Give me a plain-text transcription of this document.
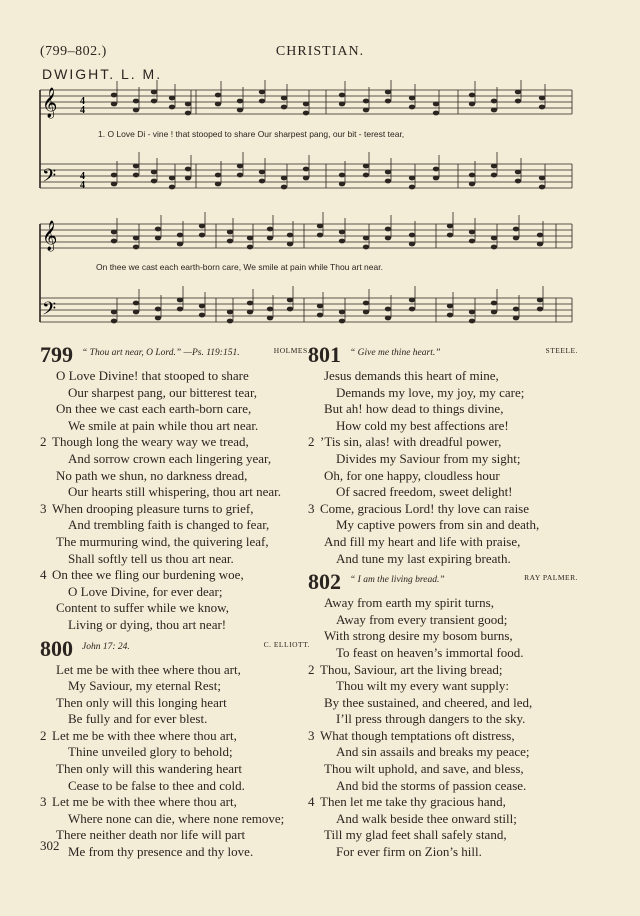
(799–802.)	CHRISTIAN.
DWIGHT. L. M.
1. O Love Di - vine ! that stooped to share Our sharpest pang, our bit - terest tear,
On thee we cast each earth-born care, We smile at pain while Thou art near.
𝄞
𝄢
𝄞
𝄢
4
4
4
4
799 “ Thou art near, O Lord.” —Ps. 119:151.	HOLMES.
O Love Divine! that stooped to share
Our sharpest pang, our bitterest tear,
On thee we cast each earth-born care,
We smile at pain while thou art near.
2 Though long the weary way we tread,
And sorrow crown each lingering year,
No path we shun, no darkness dread,
Our hearts still whispering, thou art near.
3 When drooping pleasure turns to grief,
And trembling faith is changed to fear,
The murmuring wind, the quivering leaf,
Shall softly tell us thou art near.
4 On thee we fling our burdening woe,
O Love Divine, for ever dear;
Content to suffer while we know,
Living or dying, thou art near!
800 John 17: 24.	C. ELLIOTT.
Let me be with thee where thou art,
My Saviour, my eternal Rest;
Then only will this longing heart
Be fully and for ever blest.
2 Let me be with thee where thou art,
Thine unveiled glory to behold;
Then only will this wandering heart
Cease to be false to thee and cold.
3 Let me be with thee where thou art,
Where none can die, where none remove;
There neither death nor life will part
Me from thy presence and thy love.
801 “ Give me thine heart.”	STEELE.
Jesus demands this heart of mine,
Demands my love, my joy, my care;
But ah! how dead to things divine,
How cold my best affections are!
2 ’Tis sin, alas! with dreadful power,
Divides my Saviour from my sight;
Oh, for one happy, cloudless hour
Of sacred freedom, sweet delight!
3 Come, gracious Lord! thy love can raise
My captive powers from sin and death,
And fill my heart and life with praise,
And tune my last expiring breath.
802 “ I am the living bread.”	RAY PALMER.
Away from earth my spirit turns,
Away from every transient good;
With strong desire my bosom burns,
To feast on heaven’s immortal food.
2 Thou, Saviour, art the living bread;
Thou wilt my every want supply:
By thee sustained, and cheered, and led,
I’ll press through dangers to the sky.
3 What though temptations oft distress,
And sin assails and breaks my peace;
Thou wilt uphold, and save, and bless,
And bid the storms of passion cease.
4 Then let me take thy gracious hand,
And walk beside thee onward still;
Till my glad feet shall safely stand,
For ever firm on Zion’s hill.
302
